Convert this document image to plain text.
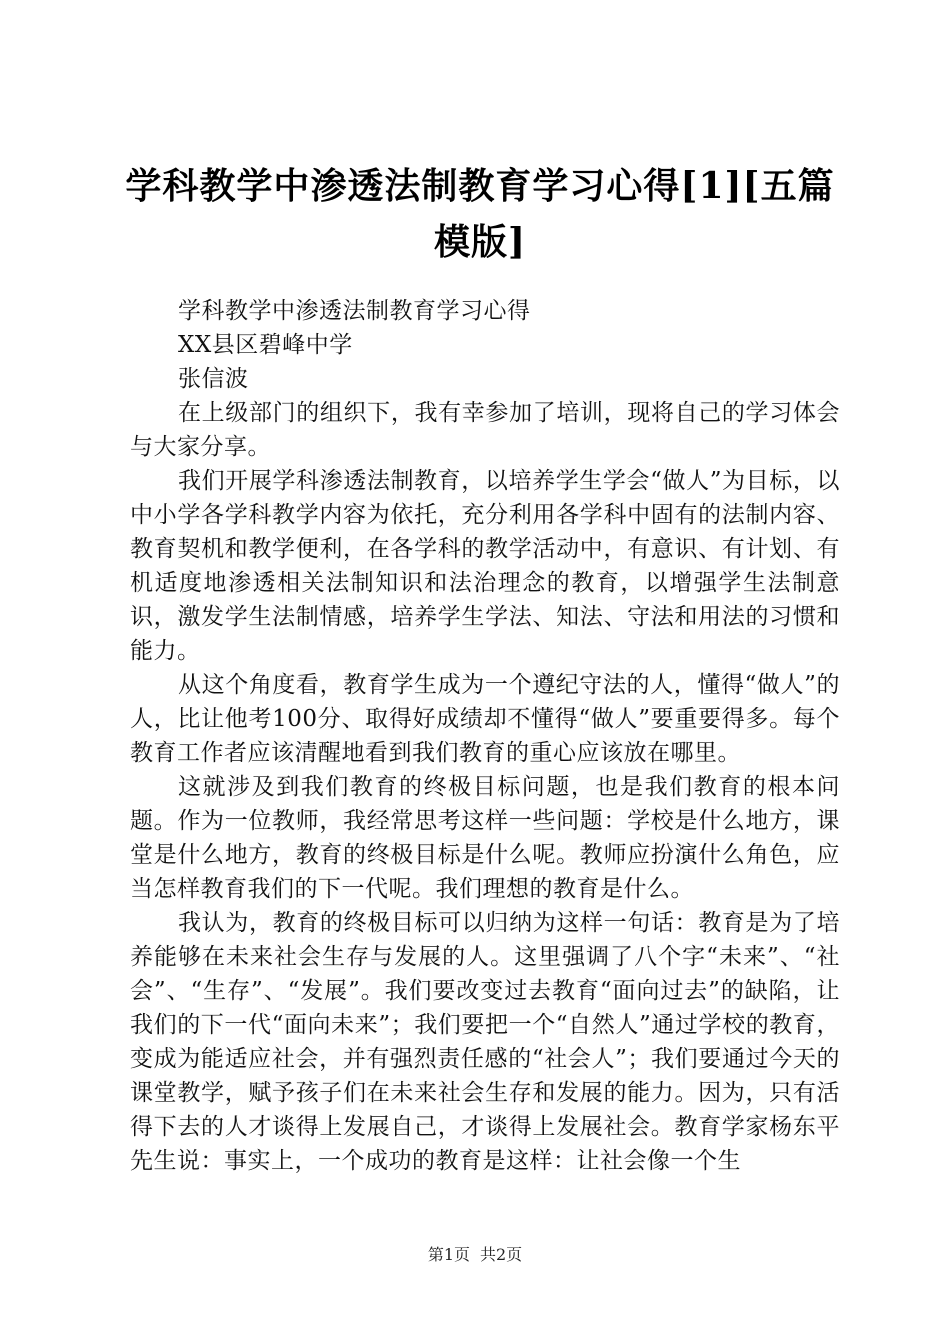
学科教学中渗透法制教育学习心得[1][五篇模版]

学科教学中渗透法制教育学习心得

XX县区碧峰中学

张信波

在上级部门的组织下，我有幸参加了培训，现将自己的学习体会与大家分享。

我们开展学科渗透法制教育，以培养学生学会“做人”为目标，以中小学各学科教学内容为依托，充分利用各学科中固有的法制内容、教育契机和教学便利，在各学科的教学活动中，有意识、有计划、有机适度地渗透相关法制知识和法治理念的教育，以增强学生法制意识，激发学生法制情感，培养学生学法、知法、守法和用法的习惯和能力。

从这个角度看，教育学生成为一个遵纪守法的人，懂得“做人”的人，比让他考100分、取得好成绩却不懂得“做人”要重要得多。每个教育工作者应该清醒地看到我们教育的重心应该放在哪里。

这就涉及到我们教育的终极目标问题，也是我们教育的根本问题。作为一位教师，我经常思考这样一些问题：学校是什么地方，课堂是什么地方，教育的终极目标是什么呢。教师应扮演什么角色，应当怎样教育我们的下一代呢。我们理想的教育是什么。

我认为，教育的终极目标可以归纳为这样一句话：教育是为了培养能够在未来社会生存与发展的人。这里强调了八个字“未来”、“社会”、“生存”、“发展”。我们要改变过去教育“面向过去”的缺陷，让我们的下一代“面向未来”；我们要把一个“自然人”通过学校的教育，变成为能适应社会，并有强烈责任感的“社会人”；我们要通过今天的课堂教学，赋予孩子们在未来社会生存和发展的能力。因为，只有活得下去的人才谈得上发展自己，才谈得上发展社会。教育学家杨东平先生说：事实上，一个成功的教育是这样：让社会像一个生

第1页 共2页
